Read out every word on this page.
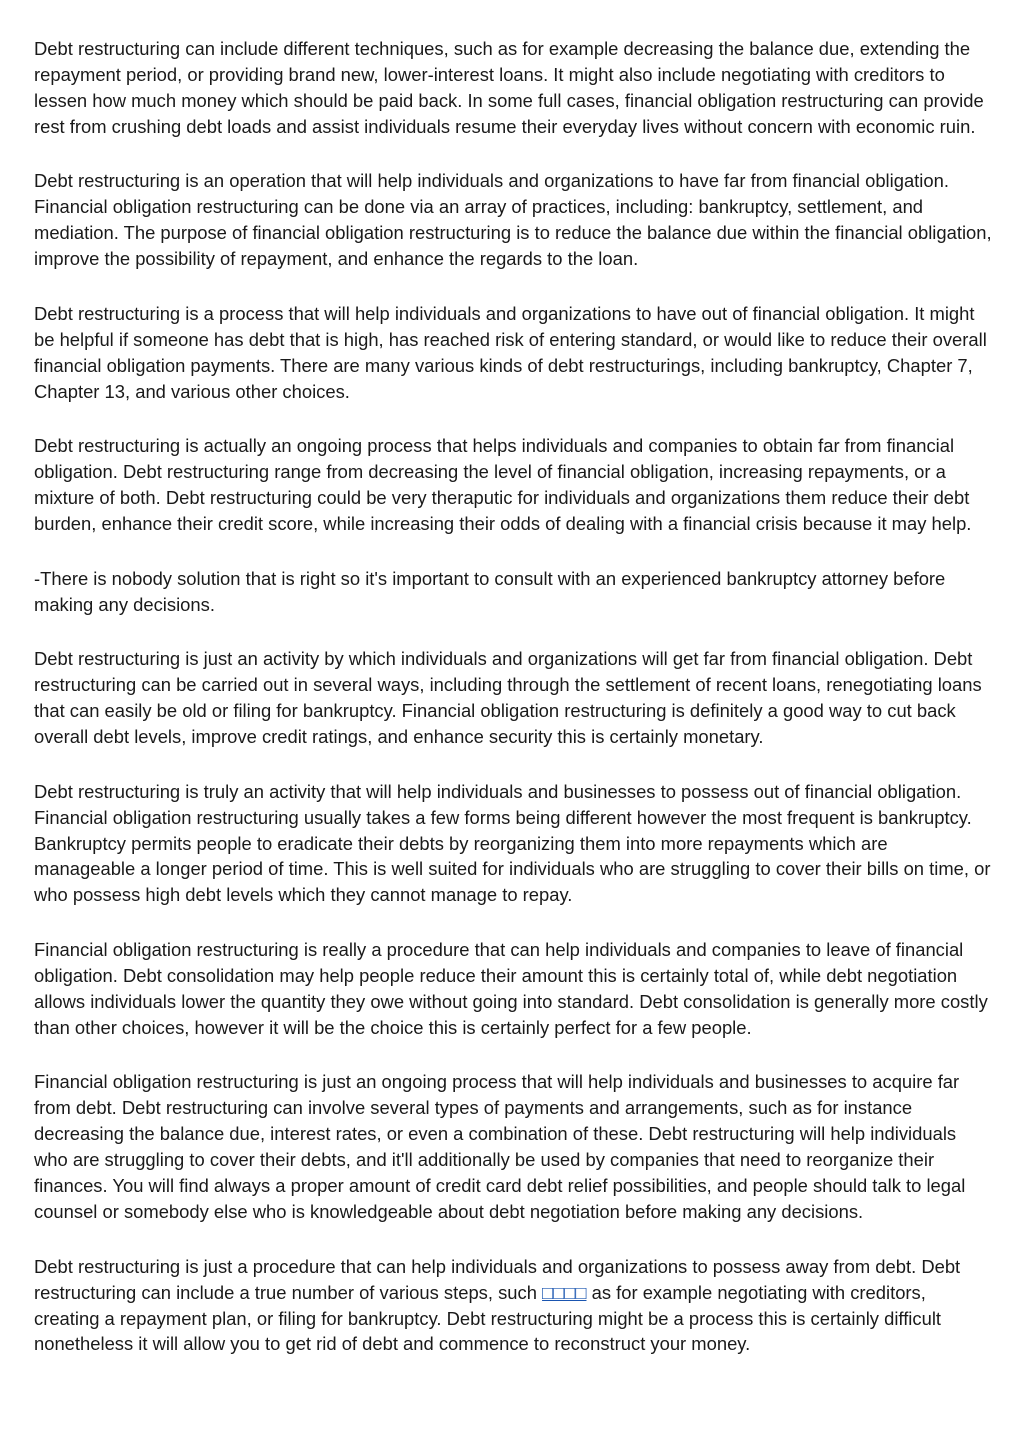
Debt restructuring can include different techniques, such as for example decreasing the balance due, extending the repayment period, or providing brand new, lower-interest loans. It might also include negotiating with creditors to lessen how much money which should be paid back. In some full cases, financial obligation restructuring can provide rest from crushing debt loads and assist individuals resume their everyday lives without concern with economic ruin.

Debt restructuring is an operation that will help individuals and organizations to have far from financial obligation. Financial obligation restructuring can be done via an array of practices, including: bankruptcy, settlement, and mediation. The purpose of financial obligation restructuring is to reduce the balance due within the financial obligation, improve the possibility of repayment, and enhance the regards to the loan.

Debt restructuring is a process that will help individuals and organizations to have out of financial obligation. It might be helpful if someone has debt that is high, has reached risk of entering standard, or would like to reduce their overall financial obligation payments. There are many various kinds of debt restructurings, including bankruptcy, Chapter 7, Chapter 13, and various other choices.

Debt restructuring is actually an ongoing process that helps individuals and companies to obtain far from financial obligation. Debt restructuring range from decreasing the level of financial obligation, increasing repayments, or a mixture of both. Debt restructuring could be very theraputic for individuals and organizations them reduce their debt burden, enhance their credit score, while increasing their odds of dealing with a financial crisis because it may help.

-There is nobody solution that is right so it's important to consult with an experienced bankruptcy attorney before making any decisions.

Debt restructuring is just an activity by which individuals and organizations will get far from financial obligation. Debt restructuring can be carried out in several ways, including through the settlement of recent loans, renegotiating loans that can easily be old or filing for bankruptcy. Financial obligation restructuring is definitely a good way to cut back overall debt levels, improve credit ratings, and enhance security this is certainly monetary.

Debt restructuring is truly an activity that will help individuals and businesses to possess out of financial obligation. Financial obligation restructuring usually takes a few forms being different however the most frequent is bankruptcy. Bankruptcy permits people to eradicate their debts by reorganizing them into more repayments which are manageable a longer period of time. This is well suited for individuals who are struggling to cover their bills on time, or who possess high debt levels which they cannot manage to repay.

Financial obligation restructuring is really a procedure that can help individuals and companies to leave of financial obligation. Debt consolidation may help people reduce their amount this is certainly total of, while debt negotiation allows individuals lower the quantity they owe without going into standard. Debt consolidation is generally more costly than other choices, however it will be the choice this is certainly perfect for a few people.

Financial obligation restructuring is just an ongoing process that will help individuals and businesses to acquire far from debt. Debt restructuring can involve several types of payments and arrangements, such as for instance decreasing the balance due, interest rates, or even a combination of these. Debt restructuring will help individuals who are struggling to cover their debts, and it'll additionally be used by companies that need to reorganize their finances. You will find always a proper amount of credit card debt relief possibilities, and people should talk to legal counsel or somebody else who is knowledgeable about debt negotiation before making any decisions.

Debt restructuring is just a procedure that can help individuals and organizations to possess away from debt. Debt restructuring can include a true number of various steps, such □□□□ as for example negotiating with creditors, creating a repayment plan, or filing for bankruptcy. Debt restructuring might be a process this is certainly difficult nonetheless it will allow you to get rid of debt and commence to reconstruct your money.
